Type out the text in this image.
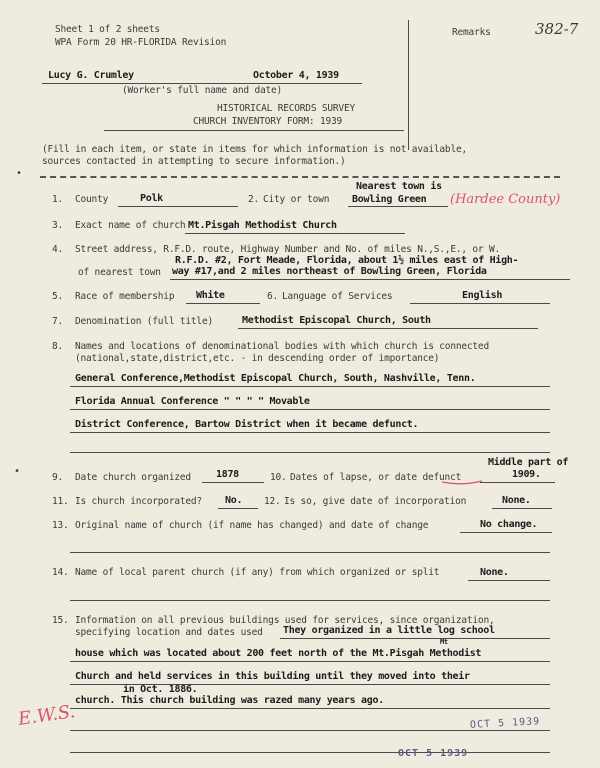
Sheet 1 of 2 sheets
WPA Form 20 HR-FLORIDA Revision
Remarks	382-7
Lucy G. Crumley	October 4, 1939
(Worker's full name and date)
HISTORICAL RECORDS SURVEY
CHURCH INVENTORY FORM: 1939
(Fill in each item, or state in items for which information is not available,
sources contacted in attempting to secure information.)
1. County	Polk	2. City or town
Nearest town is
Bowling Green (Hardee County)
3. Exact name of church Mt.Pisgah Methodist Church
4. Street address, R.F.D. route, Highway Number and No. of miles N.,S.,E., or W.
R.F.D. #2, Fort Meade, Florida, about 1½ miles east of High-
of nearest town way #17,and 2 miles northeast of Bowling Green, Florida
5. Race of membership White	6. Language of Services	English
7. Denomination (full title)	Methodist Episcopal Church, South
8. Names and locations of denominational bodies with which church is connected
(national,state,district,etc. - in descending order of importance)
General Conference,Methodist Episcopal Church, South, Nashville, Tenn.
Florida Annual Conference " " " " Movable
District Conference, Bartow District when it became defunct.
9. Date church organized	1878	10. Dates of lapse, or date defunct
Middle part of
1909.
11. Is church incorporated? No. 12. Is so, give date of incorporation	None.
13. Original name of church (if name has changed) and date of change	No change.
14. Name of local parent church (if any) from which organized or split	None.
15. Information on all previous buildings used for services, since organization,
specifying location and dates used They organized in a little log school
Mt
house which was located about 200 feet north of the Mt.Pisgah Methodist
Church and held services in this building until they moved into their
in Oct. 1886.
church. This church building was razed many years ago.
E.W.S.	OCT 5 1939
OCT 5 1939
•
•
